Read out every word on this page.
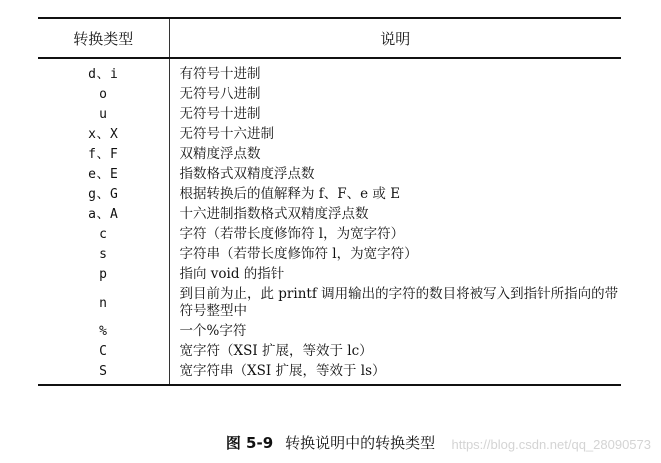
转换类型	说明
d、i	有符号十进制
o	无符号八进制
u	无符号十进制
x、X	无符号十六进制
f、F	双精度浮点数
e、E	指数格式双精度浮点数
g、G	根据转换后的值解释为 f、F、e 或 E
a、A	十六进制指数格式双精度浮点数
c	字符（若带长度修饰符 l，为宽字符）
s	字符串（若带长度修饰符 l，为宽字符）
p	指向 void 的指针
n	到目前为止，此 printf 调用输出的字符的数目将被写入到指针所指向的带符号整型中
%	一个%字符
C	宽字符（XSI 扩展，等效于 lc）
S	宽字符串（XSI 扩展，等效于 ls）
图 5-9 转换说明中的转换类型	https://blog.csdn.net/qq_28090573
